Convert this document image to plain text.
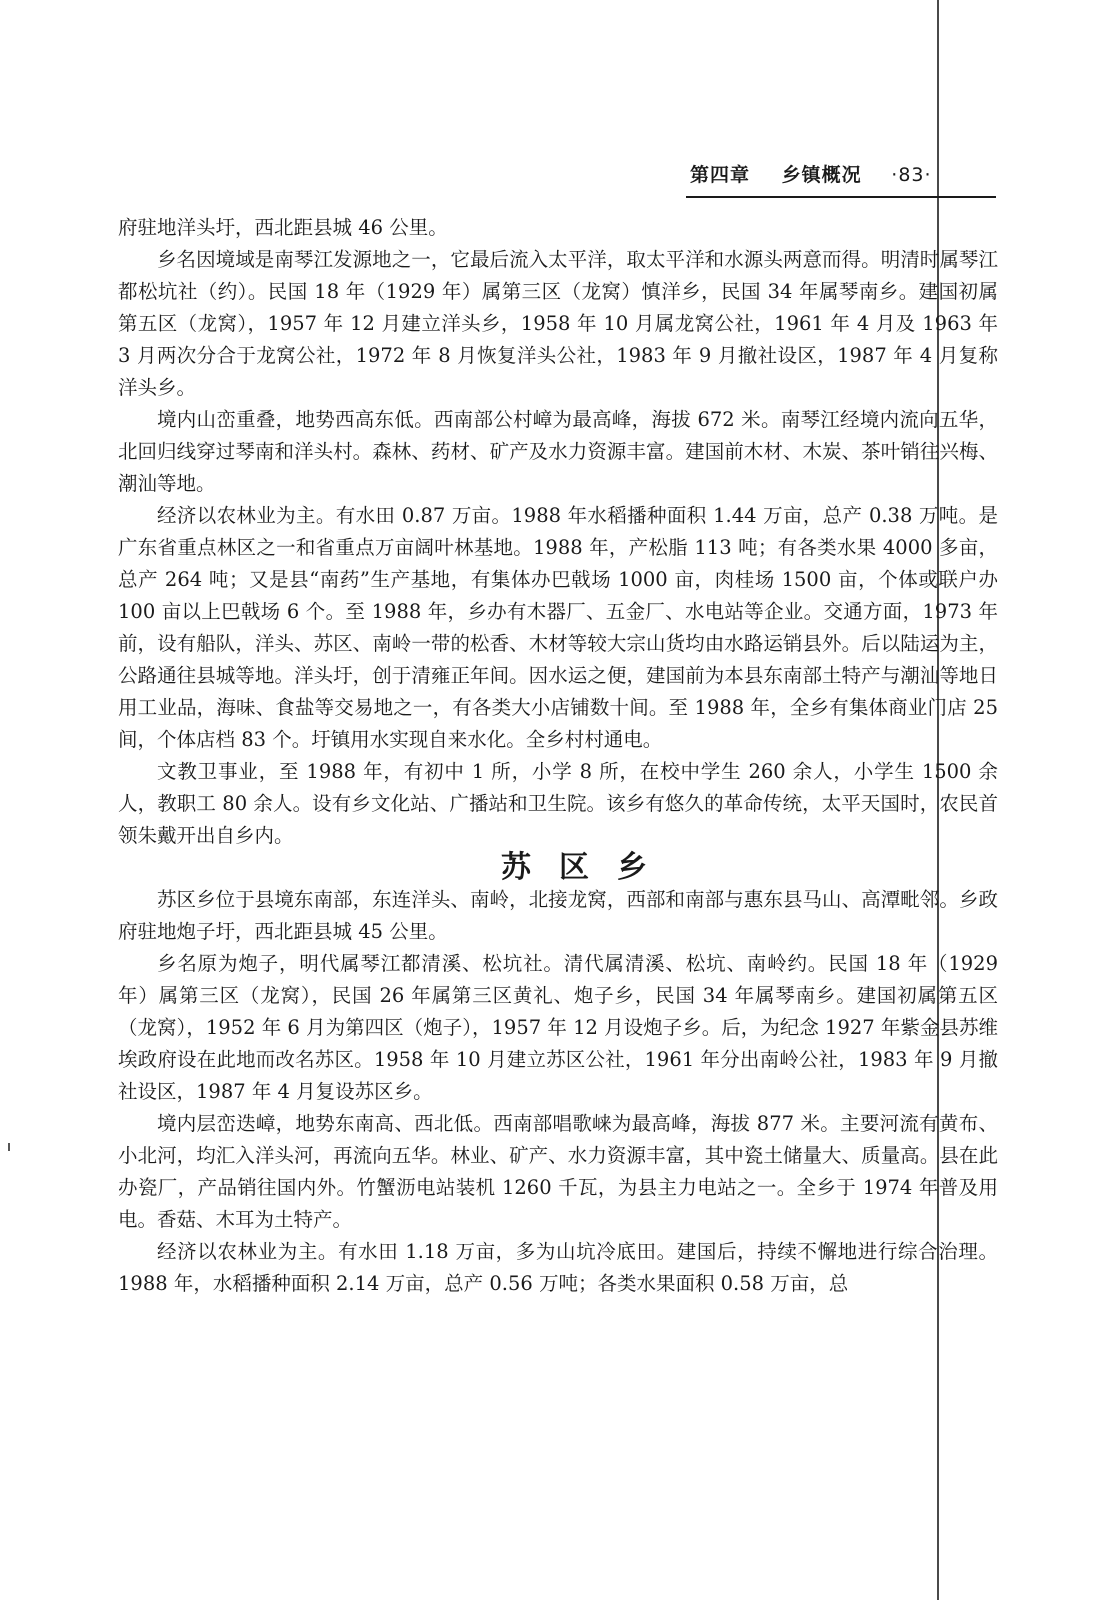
第四章 乡镇概况 ·83·

府驻地洋头圩，西北距县城 46 公里。

乡名因境域是南琴江发源地之一，它最后流入太平洋，取太平洋和水源头两意而得。明清时属琴江都松坑社（约）。民国 18 年（1929 年）属第三区（龙窝）慎洋乡，民国 34 年属琴南乡。建国初属第五区（龙窝），1957 年 12 月建立洋头乡，1958 年 10 月属龙窝公社，1961 年 4 月及 1963 年 3 月两次分合于龙窝公社，1972 年 8 月恢复洋头公社，1983 年 9 月撤社设区，1987 年 4 月复称洋头乡。

境内山峦重叠，地势西高东低。西南部公村嶂为最高峰，海拔 672 米。南琴江经境内流向五华，北回归线穿过琴南和洋头村。森林、药材、矿产及水力资源丰富。建国前木材、木炭、茶叶销往兴梅、潮汕等地。

经济以农林业为主。有水田 0.87 万亩。1988 年水稻播种面积 1.44 万亩，总产 0.38 万吨。是广东省重点林区之一和省重点万亩阔叶林基地。1988 年，产松脂 113 吨；有各类水果 4000 多亩，总产 264 吨；又是县“南药”生产基地，有集体办巴戟场 1000 亩，肉桂场 1500 亩，个体或联户办 100 亩以上巴戟场 6 个。至 1988 年，乡办有木器厂、五金厂、水电站等企业。交通方面，1973 年前，设有船队，洋头、苏区、南岭一带的松香、木材等较大宗山货均由水路运销县外。后以陆运为主，公路通往县城等地。洋头圩，创于清雍正年间。因水运之便，建国前为本县东南部土特产与潮汕等地日用工业品，海味、食盐等交易地之一，有各类大小店铺数十间。至 1988 年，全乡有集体商业门店 25 间，个体店档 83 个。圩镇用水实现自来水化。全乡村村通电。

文教卫事业，至 1988 年，有初中 1 所，小学 8 所，在校中学生 260 余人，小学生 1500 余人，教职工 80 余人。设有乡文化站、广播站和卫生院。该乡有悠久的革命传统，太平天国时，农民首领朱戴开出自乡内。

苏区乡

苏区乡位于县境东南部，东连洋头、南岭，北接龙窝，西部和南部与惠东县马山、高潭毗邻。乡政府驻地炮子圩，西北距县城 45 公里。

乡名原为炮子，明代属琴江都清溪、松坑社。清代属清溪、松坑、南岭约。民国 18 年（1929 年）属第三区（龙窝），民国 26 年属第三区黄礼、炮子乡，民国 34 年属琴南乡。建国初属第五区（龙窝），1952 年 6 月为第四区（炮子），1957 年 12 月设炮子乡。后，为纪念 1927 年紫金县苏维埃政府设在此地而改名苏区。1958 年 10 月建立苏区公社，1961 年分出南岭公社，1983 年 9 月撤社设区，1987 年 4 月复设苏区乡。

境内层峦迭嶂，地势东南高、西北低。西南部唱歌崃为最高峰，海拔 877 米。主要河流有黄布、小北河，均汇入洋头河，再流向五华。林业、矿产、水力资源丰富，其中瓷土储量大、质量高。县在此办瓷厂，产品销往国内外。竹蟹沥电站装机 1260 千瓦，为县主力电站之一。全乡于 1974 年普及用电。香菇、木耳为土特产。

经济以农林业为主。有水田 1.18 万亩，多为山坑冷底田。建国后，持续不懈地进行综合治理。1988 年，水稻播种面积 2.14 万亩，总产 0.56 万吨；各类水果面积 0.58 万亩，总
